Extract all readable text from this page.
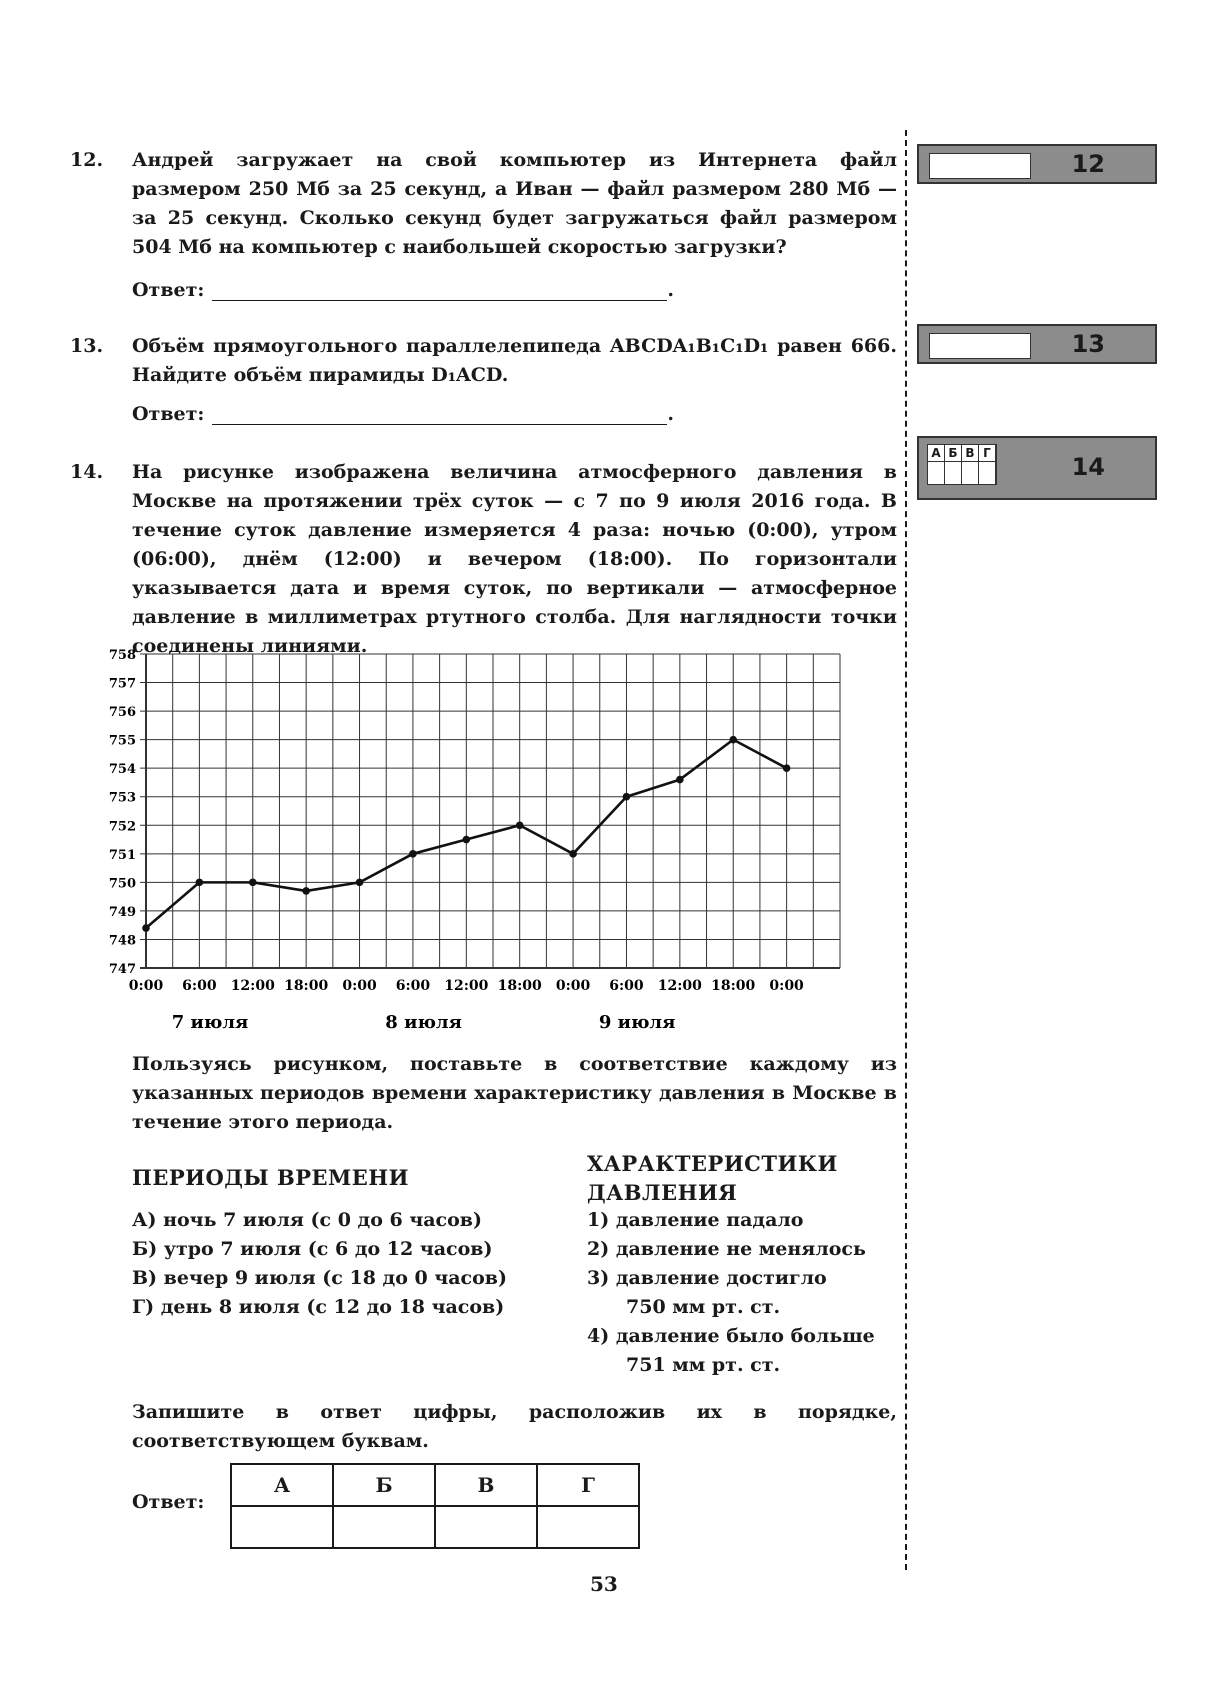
12
13
А Б В Г	14
12. Андрей загружает на свой компьютер из Интернета файл размером 250 Мб за 25 секунд, а Иван — файл размером 280 Мб — за 25 секунд. Сколько секунд будет загружаться файл размером 504 Мб на компьютер с наибольшей скоростью загрузки?
Ответ:	.
13. Объём прямоугольного параллелепипеда ABCDA₁B₁C₁D₁ равен 666. Найдите объём пирамиды D₁ACD.
Ответ:	.
14. На рисунке изображена величина атмосферного давления в Москве на протяжении трёх суток — с 7 по 9 июля 2016 года. В течение суток давление измеряется 4 раза: ночью (0:00), утром (06:00), днём (12:00) и вечером (18:00). По горизонтали указывается дата и время суток, по вертикали — атмосферное давление в миллиметрах ртутного столба. Для наглядности точки соединены линиями.
747
748
749
750
751
752
753
754
755
756
757
758
0:00 6:00 12:00 18:00 0:00 6:00 12:00 18:00 0:00 6:00 12:00 18:00 0:00
7 июля	8 июля	9 июля
Пользуясь рисунком, поставьте в соответствие каждому из указанных периодов времени характеристику давления в Москве в течение этого периода.
ПЕРИОДЫ ВРЕМЕНИ
А) ночь 7 июля (с 0 до 6 часов)
Б) утро 7 июля (с 6 до 12 часов)
В) вечер 9 июля (с 18 до 0 часов)
Г) день 8 июля (с 12 до 18 часов)
ХАРАКТЕРИСТИКИ
ДАВЛЕНИЯ
1) давление падало
2) давление не менялось
3) давление достигло
750 мм рт. ст.
4) давление было больше
751 мм рт. ст.
Запишите в ответ цифры, расположив их в порядке, соответствующем буквам.
Ответ:
А	Б	В	Г

53
